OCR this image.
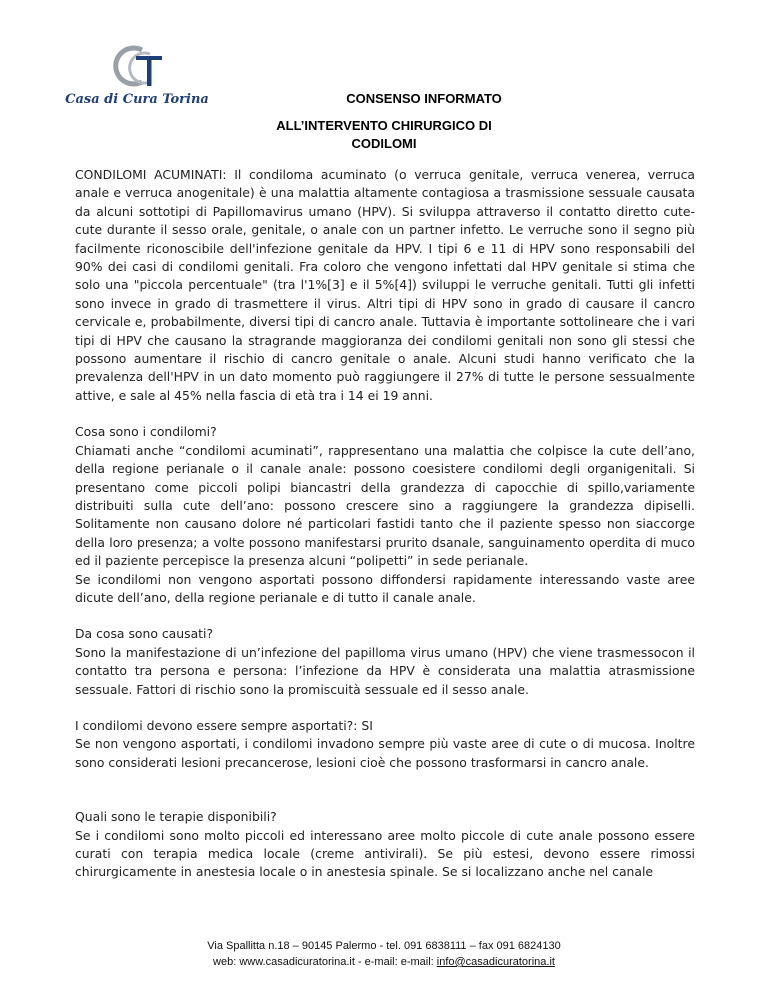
Casa di Cura Torina	CONSENSO INFORMATO
ALL’INTERVENTO CHIRURGICO DI
CODILOMI

CONDILOMI ACUMINATI: Il condiloma acuminato (o verruca genitale, verruca venerea, verruca anale e verruca anogenitale) è una malattia altamente contagiosa a trasmissione sessuale causata da alcuni sottotipi di Papillomavirus umano (HPV). Si sviluppa attraverso il contatto diretto cute-cute durante il sesso orale, genitale, o anale con un partner infetto. Le verruche sono il segno più facilmente riconoscibile dell'infezione genitale da HPV. I tipi 6 e 11 di HPV sono responsabili del 90% dei casi di condilomi genitali. Fra coloro che vengono infettati dal HPV genitale si stima che solo una "piccola percentuale" (tra l'1%[3] e il 5%[4]) sviluppi le verruche genitali. Tutti gli infetti sono invece in grado di trasmettere il virus. Altri tipi di HPV sono in grado di causare il cancro cervicale e, probabilmente, diversi tipi di cancro anale. Tuttavia è importante sottolineare che i vari tipi di HPV che causano la stragrande maggioranza dei condilomi genitali non sono gli stessi che possono aumentare il rischio di cancro genitale o anale. Alcuni studi hanno verificato che la prevalenza dell'HPV in un dato momento può raggiungere il 27% di tutte le persone sessualmente attive, e sale al 45% nella fascia di età tra i 14 ei 19 anni.

Cosa sono i condilomi?
Chiamati anche “condilomi acuminati”, rappresentano una malattia che colpisce la cute dell’ano, della regione perianale o il canale anale: possono coesistere condilomi degli organigenitali. Si presentano come piccoli polipi biancastri della grandezza di capocchie di spillo,variamente distribuiti sulla cute dell’ano: possono crescere sino a raggiungere la grandezza dipiselli. Solitamente non causano dolore né particolari fastidi tanto che il paziente spesso non siaccorge della loro presenza; a volte possono manifestarsi prurito dsanale, sanguinamento operdita di muco ed il paziente percepisce la presenza alcuni “polipetti” in sede perianale.
Se icondilomi non vengono asportati possono diffondersi rapidamente interessando vaste aree dicute dell’ano, della regione perianale e di tutto il canale anale.

Da cosa sono causati?
Sono la manifestazione di un’infezione del papilloma virus umano (HPV) che viene trasmessocon il contatto tra persona e persona: l’infezione da HPV è considerata una malattia atrasmissione sessuale. Fattori di rischio sono la promiscuità sessuale ed il sesso anale.

I condilomi devono essere sempre asportati?: SI
Se non vengono asportati, i condilomi invadono sempre più vaste aree di cute o di mucosa. Inoltre sono considerati lesioni precancerose, lesioni cioè che possono trasformarsi in cancro anale.

Quali sono le terapie disponibili?
Se i condilomi sono molto piccoli ed interessano aree molto piccole di cute anale possono essere curati con terapia medica locale (creme antivirali). Se più estesi, devono essere rimossi chirurgicamente in anestesia locale o in anestesia spinale. Se si localizzano anche nel canale

Via Spallitta n.18 – 90145 Palermo - tel. 091 6838111 – fax 091 6824130
web: www.casadicuratorina.it - e-mail: e-mail: info@casadicuratorina.it
